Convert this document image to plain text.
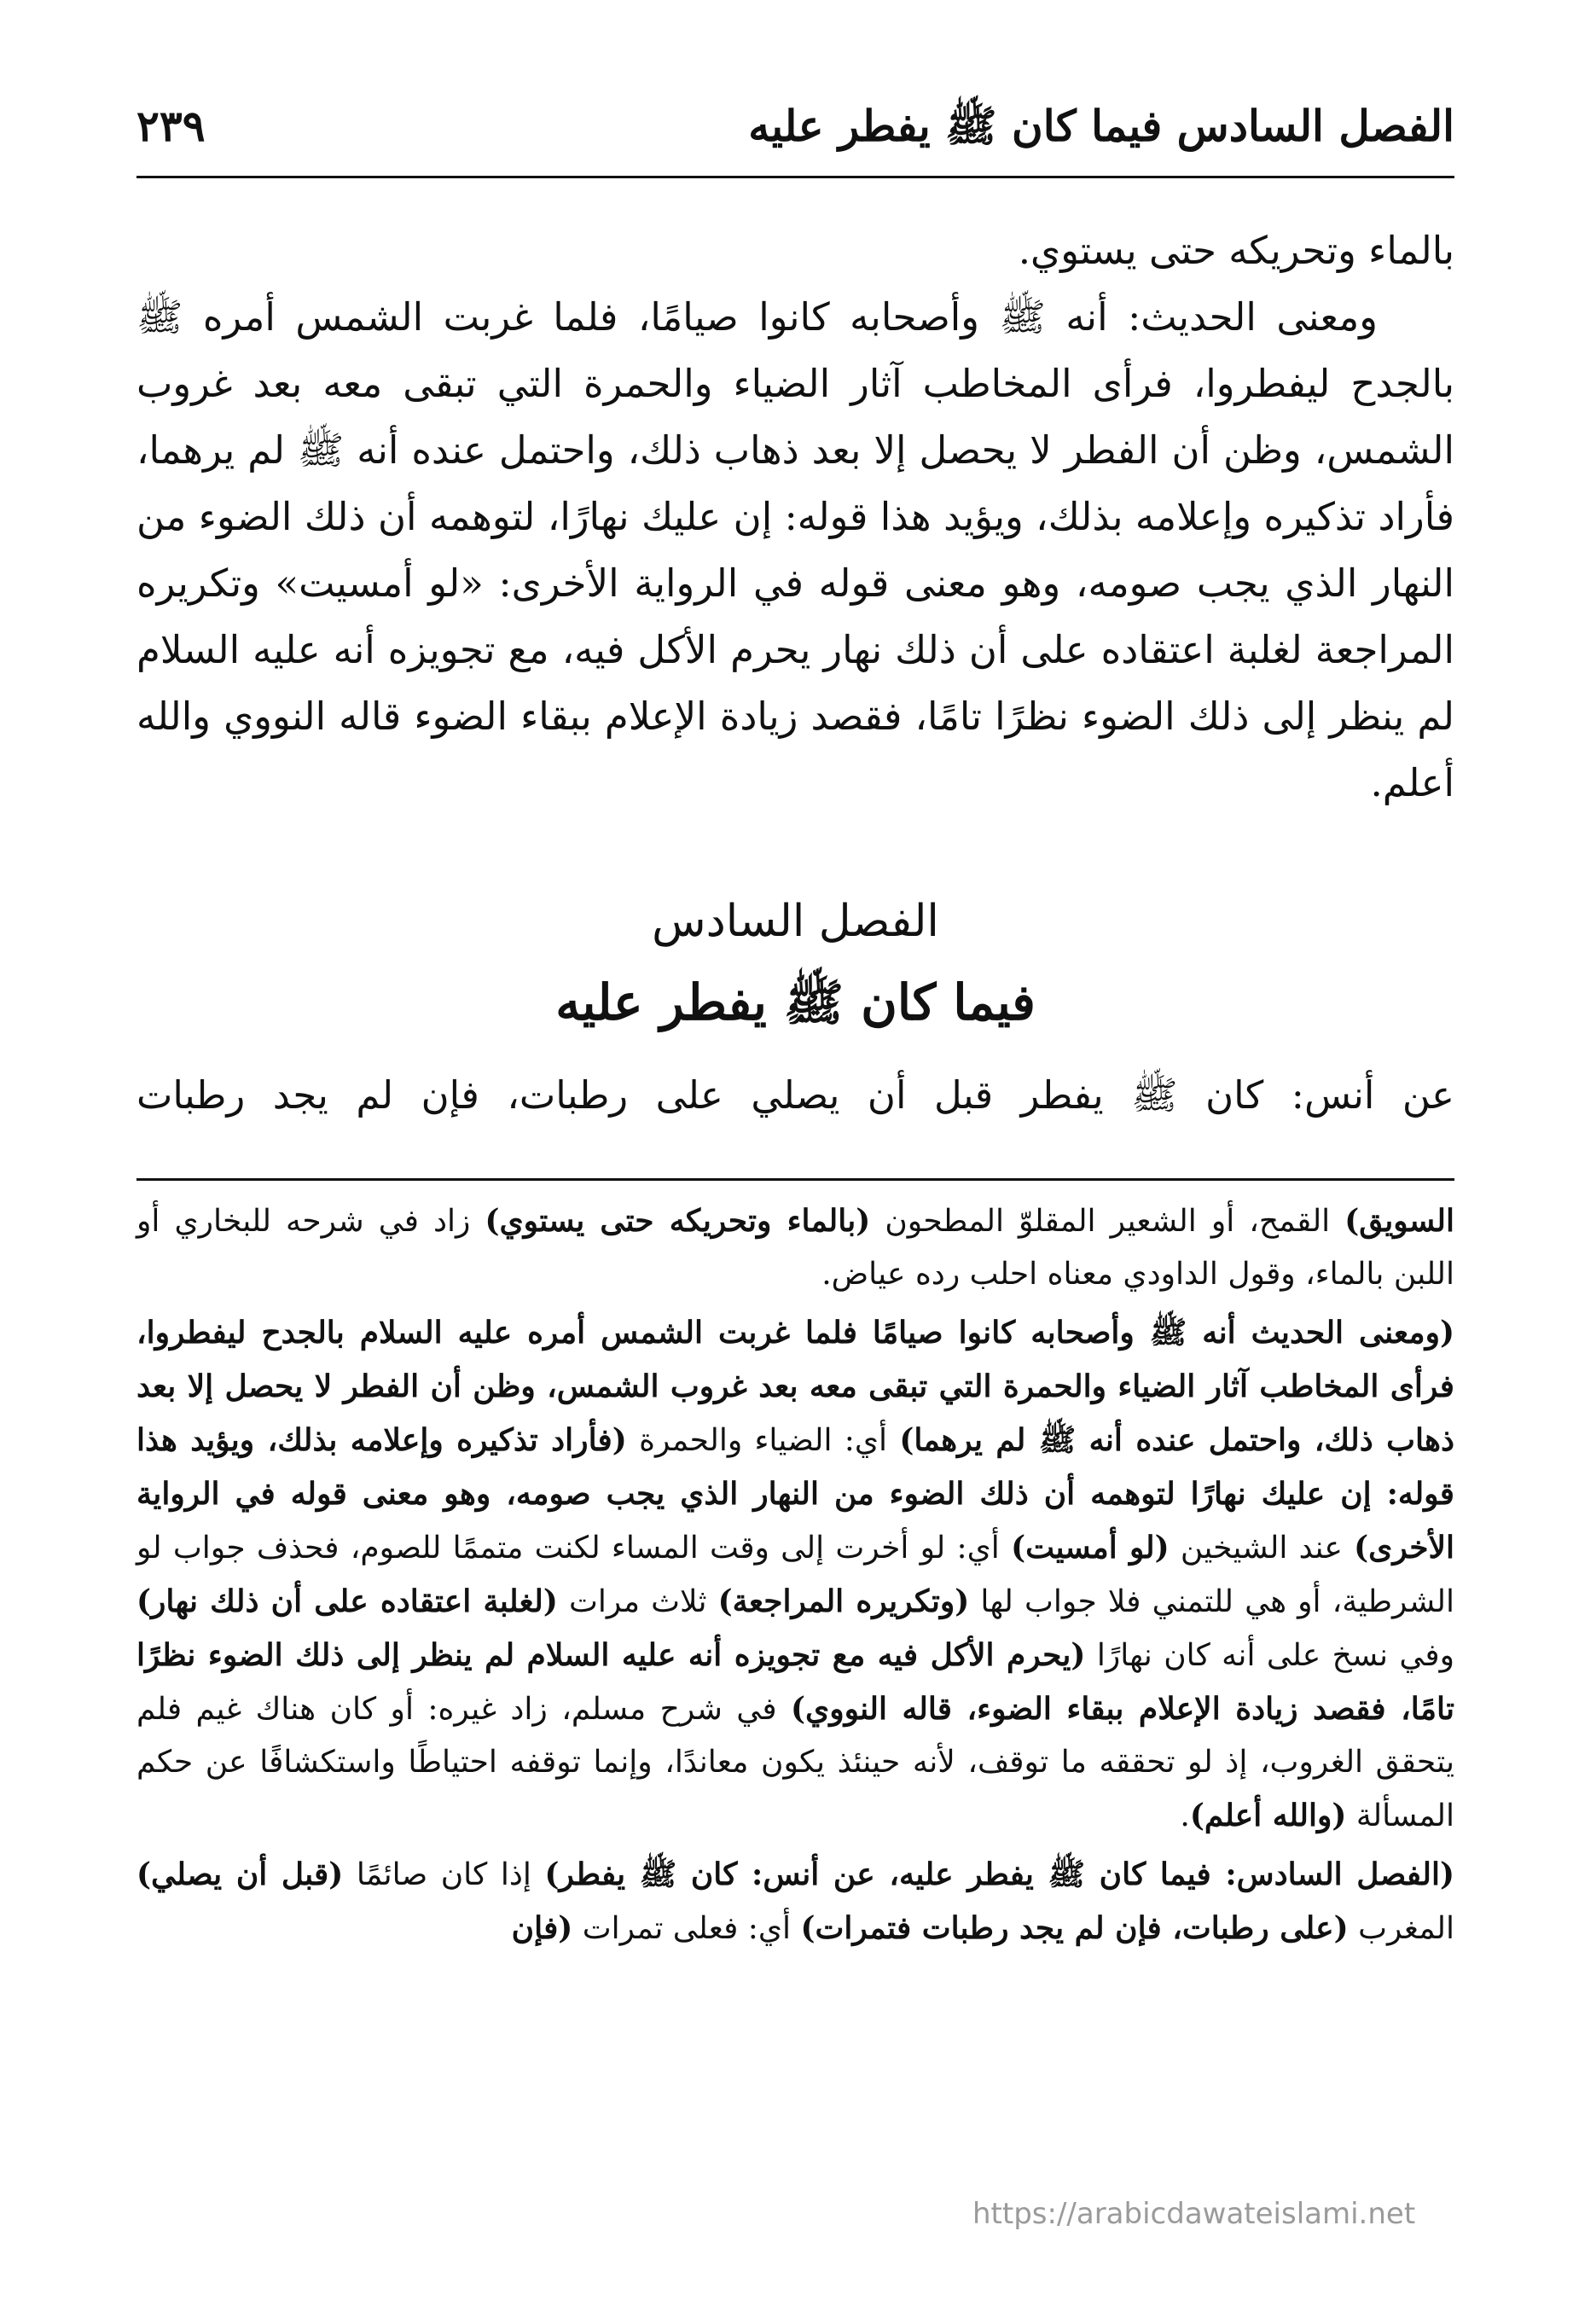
الفصل السادس فيما كان ﷺ يفطر عليه
٢٣٩

بالماء وتحريكه حتى يستوي.

ومعنى الحديث: أنه ﷺ وأصحابه كانوا صيامًا، فلما غربت الشمس أمره ﷺ بالجدح ليفطروا، فرأى المخاطب آثار الضياء والحمرة التي تبقى معه بعد غروب الشمس، وظن أن الفطر لا يحصل إلا بعد ذهاب ذلك، واحتمل عنده أنه ﷺ لم يرهما، فأراد تذكيره وإعلامه بذلك، ويؤيد هذا قوله: إن عليك نهارًا، لتوهمه أن ذلك الضوء من النهار الذي يجب صومه، وهو معنى قوله في الرواية الأخرى: «لو أمسيت» وتكريره المراجعة لغلبة اعتقاده على أن ذلك نهار يحرم الأكل فيه، مع تجويزه أنه عليه السلام لم ينظر إلى ذلك الضوء نظرًا تامًا، فقصد زيادة الإعلام ببقاء الضوء قاله النووي والله أعلم.

الفصل السادس
فيما كان ﷺ يفطر عليه

عن أنس: كان ﷺ يفطر قبل أن يصلي على رطبات، فإن لم يجد رطبات

السويق) القمح، أو الشعير المقلوّ المطحون (بالماء وتحريكه حتى يستوي) زاد في شرحه للبخاري أو اللبن بالماء، وقول الداودي معناه احلب رده عياض.

(ومعنى الحديث أنه ﷺ وأصحابه كانوا صيامًا فلما غربت الشمس أمره عليه السلام بالجدح ليفطروا، فرأى المخاطب آثار الضياء والحمرة التي تبقى معه بعد غروب الشمس، وظن أن الفطر لا يحصل إلا بعد ذهاب ذلك، واحتمل عنده أنه ﷺ لم يرهما) أي: الضياء والحمرة (فأراد تذكيره وإعلامه بذلك، ويؤيد هذا قوله: إن عليك نهارًا لتوهمه أن ذلك الضوء من النهار الذي يجب صومه، وهو معنى قوله في الرواية الأخرى) عند الشيخين (لو أمسيت) أي: لو أخرت إلى وقت المساء لكنت متممًا للصوم، فحذف جواب لو الشرطية، أو هي للتمني فلا جواب لها (وتكريره المراجعة) ثلاث مرات (لغلبة اعتقاده على أن ذلك نهار) وفي نسخ على أنه كان نهارًا (يحرم الأكل فيه مع تجويزه أنه عليه السلام لم ينظر إلى ذلك الضوء نظرًا تامًا، فقصد زيادة الإعلام ببقاء الضوء، قاله النووي) في شرح مسلم، زاد غيره: أو كان هناك غيم فلم يتحقق الغروب، إذ لو تحققه ما توقف، لأنه حينئذ يكون معاندًا، وإنما توقفه احتياطًا واستكشافًا عن حكم المسألة (والله أعلم).

(الفصل السادس: فيما كان ﷺ يفطر عليه، عن أنس: كان ﷺ يفطر) إذا كان صائمًا (قبل أن يصلي) المغرب (على رطبات، فإن لم يجد رطبات فتمرات) أي: فعلى تمرات (فإن

https://arabicdawateislami.net
